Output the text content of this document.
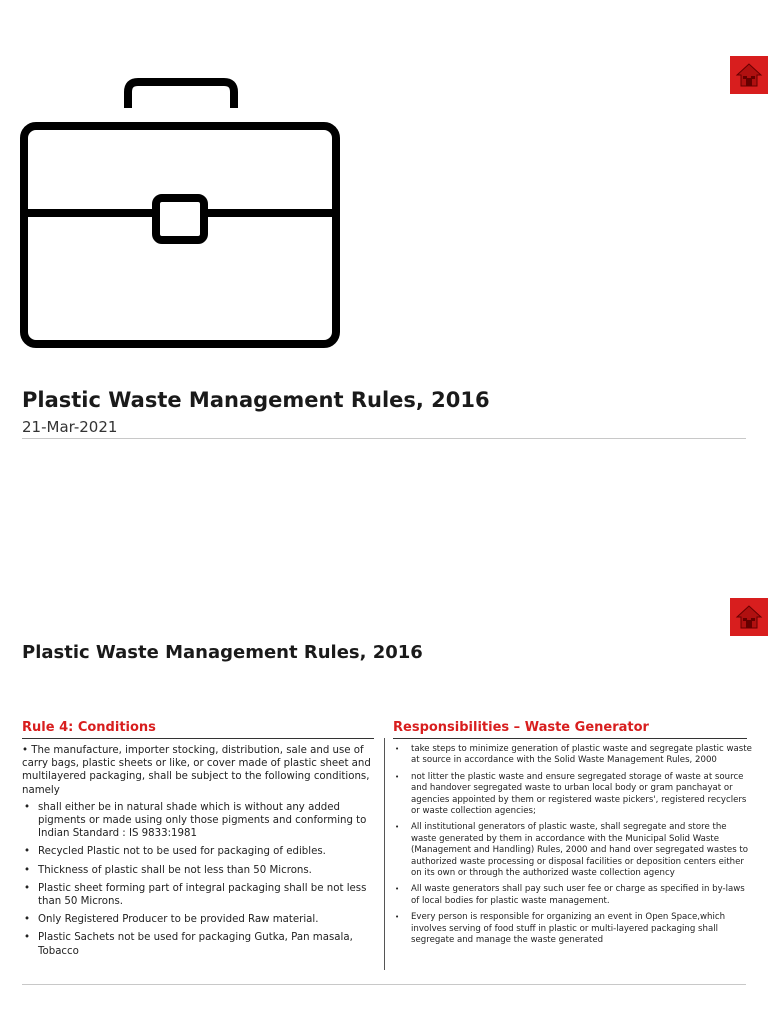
Plastic Waste Management Rules, 2016
21-Mar-2021
Plastic Waste Management Rules, 2016
Rule 4: Conditions	Responsibilities – Waste Generator
• The manufacture, importer stocking, distribution, sale and use of carry bags, plastic sheets or like, or cover made of plastic sheet and multilayered packaging, shall be subject to the following conditions, namely
• shall either be in natural shade which is without any added pigments or made using only those pigments and conforming to Indian Standard : IS 9833:1981
• Recycled Plastic not to be used for packaging of edibles.
• Thickness of plastic shall be not less than 50 Microns.
• Plastic sheet forming part of integral packaging shall be not less than 50 Microns.
• Only Registered Producer to be provided Raw material.
• Plastic Sachets not be used for packaging Gutka, Pan masala, Tobacco
• take steps to minimize generation of plastic waste and segregate plastic waste at source in accordance with the Solid Waste Management Rules, 2000
• not litter the plastic waste and ensure segregated storage of waste at source and handover segregated waste to urban local body or gram panchayat or agencies appointed by them or registered waste pickers', registered recyclers or waste collection agencies;
• All institutional generators of plastic waste, shall segregate and store the waste generated by them in accordance with the Municipal Solid Waste (Management and Handling) Rules, 2000 and hand over segregated wastes to authorized waste processing or disposal facilities or deposition centers either on its own or through the authorized waste collection agency
• All waste generators shall pay such user fee or charge as specified in by-laws of local bodies for plastic waste management.
• Every person is responsible for organizing an event in Open Space,which involves serving of food stuff in plastic or multi-layered packaging shall segregate and manage the waste generated
